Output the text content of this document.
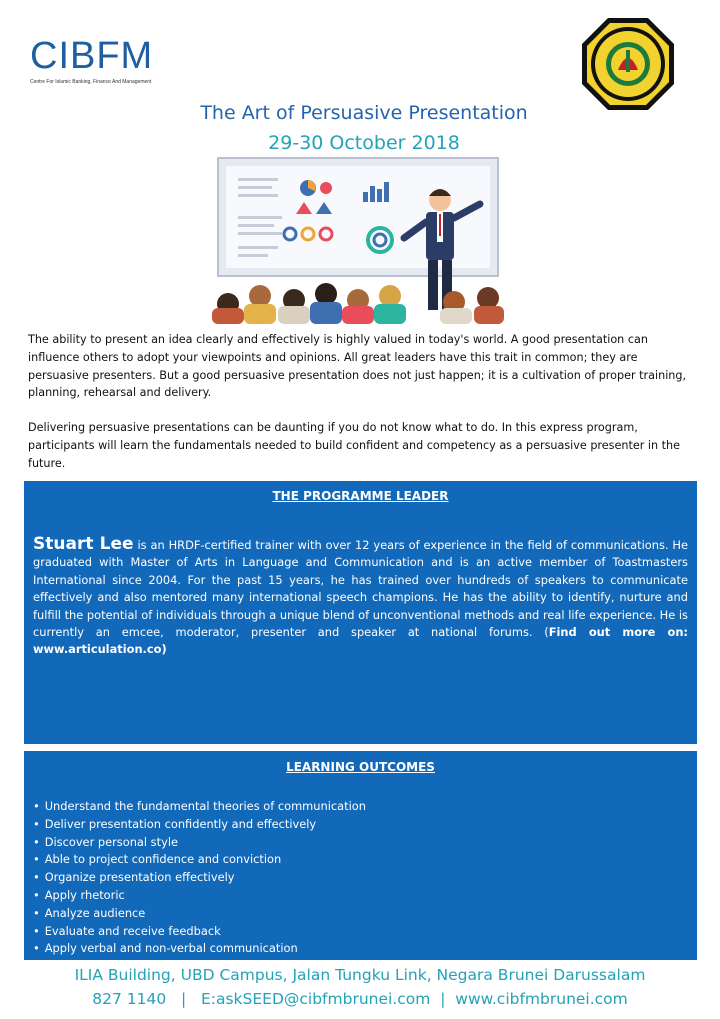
CIBFM
Centre For Islamic Banking, Finance And Management
The Art of Persuasive Presentation
29-30 October 2018

The ability to present an idea clearly and effectively is highly valued in today's world. A good presentation can influence others to adopt your viewpoints and opinions. All great leaders have this trait in common; they are persuasive presenters. But a good persuasive presentation does not just happen; it is a cultivation of proper training, planning, rehearsal and delivery.

Delivering persuasive presentations can be daunting if you do not know what to do. In this express program, participants will learn the fundamentals needed to build confident and competency as a persuasive presenter in the future.

THE PROGRAMME LEADER

Stuart Lee is an HRDF-certified trainer with over 12 years of experience in the field of communications. He graduated with Master of Arts in Language and Communication and is an active member of Toastmasters International since 2004. For the past 15 years, he has trained over hundreds of speakers to communicate effectively and also mentored many international speech champions. He has the ability to identify, nurture and fulfill the potential of individuals through a unique blend of unconventional methods and real life experience. He is currently an emcee, moderator, presenter and speaker at national forums. (Find out more on: www.articulation.co)

LEARNING OUTCOMES
• Understand the fundamental theories of communication
• Deliver presentation confidently and effectively
• Discover personal style
• Able to project confidence and conviction
• Organize presentation effectively
• Apply rhetoric
• Analyze audience
• Evaluate and receive feedback
• Apply verbal and non-verbal communication
ILIA Building, UBD Campus, Jalan Tungku Link, Negara Brunei Darussalam
827 1140   |   E:askSEED@cibfmbrunei.com  |  www.cibfmbrunei.com
